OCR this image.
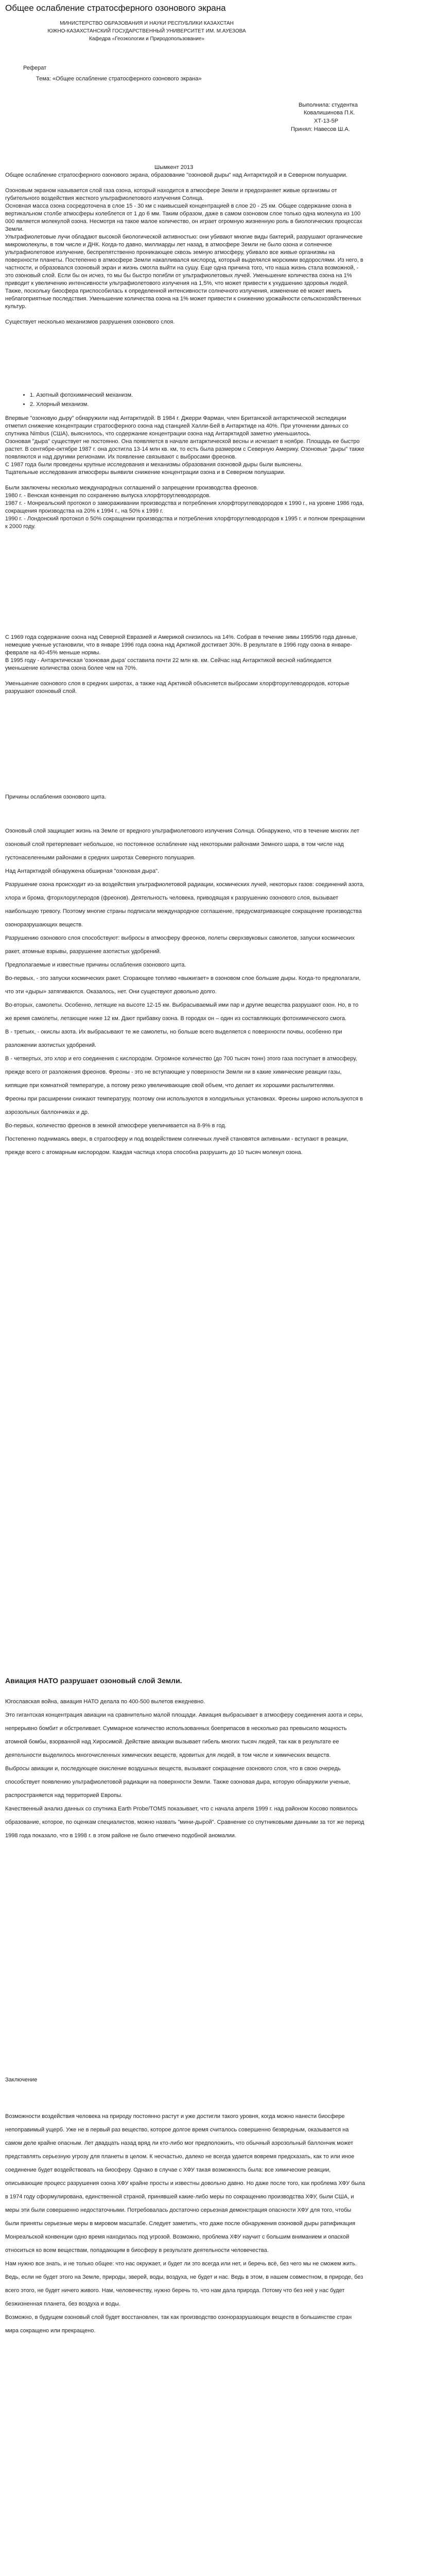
Общее ослабление стратосферного озонового экрана
МИНИСТЕРСТВО ОБРАЗОВАНИЯ И НАУКИ РЕСПУБЛИКИ КАЗАХСТАН
ЮЖНО-КАЗАХСТАНСКИЙ ГОСУДАРСТВЕННЫЙ УНИВЕРСИТЕТ ИМ. М.АУЕЗОВА
Кафедра «Геоэкологии и Природопользование»
Реферат
Тема: «Общее ослабление стратосферного озонового экрана»
Выполнила: студентка
Ковалишинова П.К.
ХТ-13-5Р
Принял: Навесов Ш.А.
Шымкент 2013

Общее ослабление стратосферного озонового экрана, образование "озоновой дыры" над Антарктидой и в Северном полушарии.

Озоновым экраном называется слой газа озона, который находится в атмосфере Земли и предохраняет живые организмы от губительного воздействия жесткого ультрафиолетового излучения Солнца.

Основная масса озона сосредоточена в слое 15 - 30 км с наивысшей концентрацией в слое 20 - 25 км. Общее содержание озона в вертикальном столбе атмосферы колеблется от 1 до 6 мм. Таким образом, даже в самом озоновом слое только одна молекула из 100 000 является молекулой озона. Несмотря на такое малое количество, он играет огромную жизненную роль в биологических процессах Земли.

Ультрафиолетовые лучи обладают высокой биологической активностью: они убивают многие виды бактерий, разрушают органические микромолекулы, в том числе и ДНК. Когда-то давно, миллиарды лет назад, в атмосфере Земли не было озона и солнечное ультрафиолетовое излучение, беспрепятственно проникающее сквозь земную атмосферу, убивало все живые организмы на поверхности планеты. Постепенно в атмосфере Земли накапливался кислород, который выделялся морскими водорослями. Из него, в частности, и образовался озоновый экран и жизнь смогла выйти на сушу. Еще одна причина того, что наша жизнь стала возможной, - это озоновый слой. Если бы он исчез, то мы бы быстро погибли от ультрафиолетовых лучей. Уменьшение количества озона на 1% приводит к увеличению интенсивности ультрафиолетового излучения на 1,5%, что может привести к ухудшению здоровья людей. Также, поскольку биосфера приспособилась к определенной интенсивности солнечного излучения, изменение её может иметь неблагоприятные последствия. Уменьшение количества озона на 1% может привести к снижению урожайности сельскохозяйственных культур.

Существует несколько механизмов разрушения озонового слоя.

• 1. Азотный фотохимический механизм.
• 2. Хлорный механизм.

Впервые "озоновую дыру" обнаружили над Антарктидой. В 1984 г. Джерри Фарман, член Британской антарктической экспедиции отметил снижение концентрации стратосферного озона над станцией Халли-Бей в Антарктиде на 40%. При уточнении данных со спутника Nimbus (США), выяснилось, что содержание концентрации озона над Антарктидой заметно уменьшилось.

Озоновая "дыра" существует не постоянно. Она появляется в начале антарктической весны и исчезает в ноябре. Площадь ее быстро растет. В сентябре-октябре 1987 г. она достигла 13-14 млн кв. км, то есть была размером с Северную Америку. Озоновые "дыры" также появляются и над другими регионами. Их появление связывают с выбросами фреонов.

С 1987 года были проведены крупные исследования и механизмы образования озоновой дыры были выяснены.

Тщательные исследования атмосферы выявили снижение концентрации озона и в Северном полушарии.

Были заключены несколько международных соглашений о запрещении производства фреонов.

1980 г. - Венская конвенция по сохранению выпуска хлорфторуглеводородов.

1987 г. - Монреальский протокол о замораживании производства и потребления хлорфторуглеводородов к 1990 г., на уровне 1986 года, сокращения производства на 20% к 1994 г., на 50% к 1999 г.

1990 г. - Лондонский протокол о 50% сокращении производства и потребления хлорфторуглеводородов к 1995 г. и полном прекращении к 2000 году.

С 1969 года содержание озона над Северной Евразией и Америкой снизилось на 14%. Собрав в течение зимы 1995/96 года данные, немецкие ученые установили, что в январе 1996 года озона над Арктикой достигает 30%. В результате в 1996 году озона в январе-феврале на 40-45% меньше нормы.

В 1995 году - Антарктическая 'озоновая дыра' составила почти 22 млн кв. км. Сейчас над Антарктикой весной наблюдается уменьшение количества озона более чем на 70%.

Уменьшение озонового слоя в средних широтах, а также над Арктикой объясняется выбросами хлорфторуглеводородов, которые разрушают озоновый слой.

Причины ослабления озонового щита.

Озоновый слой защищает жизнь на Земле от вредного ультрафиолетового излучения Солнца. Обнаружено, что в течение многих лет озоновый слой претерпевает небольшое, но постоянное ослабление над некоторыми районами Земного шара, в том числе над густонаселенными районами в средних широтах Северного полушария.

Над Антарктидой обнаружена обширная "озоновая дыра".

Разрушение озона происходит из-за воздействия ультрафиолетовой радиации, космических лучей, некоторых газов: соединений азота, хлора и брома, фторхлоруглеродов (фреонов). Деятельность человека, приводящая к разрушению озонового слоя, вызывает наибольшую тревогу. Поэтому многие страны подписали международное соглашение, предусматривающее сокращение производства озоноразрушающих веществ.

Разрушению озонового слоя способствуют: выбросы в атмосферу фреонов, полеты сверхзвуковых самолетов, запуски космических ракет, атомные взрывы, разрушение азотистых удобрений.

Предполагаемые и известные причины ослабления озонового щита.

Во-первых, - это запуски космических ракет. Сгорающее топливо «выжигает» в озоновом слое большие дыры. Когда-то предполагали, что эти «дыры» затягиваются. Оказалось, нет. Они существуют довольно долго.

Во-вторых, самолеты. Особенно, летящие на высоте 12-15 км. Выбрасываемый ими пар и другие вещества разрушают озон. Но, в то же время самолеты, летающие ниже 12 км. Дают прибавку озона. В городах он – один из составляющих фотохимического смога.

В - третьих, - окислы азота. Их выбрасывают те же самолеты, но больше всего выделяется с поверхности почвы, особенно при разложении азотистых удобрений.

В - четвертых, это хлор и его соединения с кислородом. Огромное количество (до 700 тысяч тонн) этого газа поступает в атмосферу, прежде всего от разложения фреонов. Фреоны - это не вступающие у поверхности Земли ни в какие химические реакции газы, кипящие при комнатной температуре, а потому резко увеличивающие свой объем, что делает их хорошими распылителями.

Фреоны при расширении снижают температуру, поэтому они используются в холодильных установках. Фреоны широко используются в аэрозольных баллончиках и др.

Во-первых, количество фреонов в земной атмосфере увеличивается на 8-9% в год.

Постепенно поднимаясь вверх, в стратосферу и под воздействием солнечных лучей становятся активными - вступают в реакции, прежде всего с атомарным кислородом. Каждая частица хлора способна разрушить до 10 тысяч молекул озона.

Авиация НАТО разрушает озоновый слой Земли.

Югославская война, авиация НАТО делала по 400-500 вылетов ежедневно.

Это гигантская концентрация авиации на сравнительно малой площади. Авиация выбрасывает в атмосферу соединения азота и серы, непрерывно бомбит и обстреливает. Суммарное количество использованных боеприпасов в несколько раз превысило мощность атомной бомбы, взорванной над Хиросимой. Действие авиации вызывает гибель многих тысяч людей, так как в результате ее деятельности выделилось многочисленных химических веществ, ядовитых для людей, в том числе и химических веществ.

Выбросы авиации и, последующее окисление воздушных веществ, вызывают сокращение озонового слоя, что в свою очередь способствует появлению ультрафиолетовой радиации на поверхности Земли. Также озоновая дыра, которую обнаружили ученые, распространяется над территорией Европы.

Качественный анализ данных со спутника Earth Probe/TOMS показывает, что с начала апреля 1999 г. над районом Косово появилось образование, которое, по оценкам специалистов, можно назвать "мини-дырой". Сравнение со спутниковыми данными за тот же период 1998 года показало, что в 1998 г. в этом районе не было отмечено подобной аномалии.

Заключение

Возможности воздействия человека на природу постоянно растут и уже достигли такого уровня, когда можно нанести биосфере непоправимый ущерб. Уже не в первый раз вещество, которое долгое время считалось совершенно безвредным, оказывается на самом деле крайне опасным. Лет двадцать назад вряд ли кто-либо мог предположить, что обычный аэрозольный баллончик может представлять серьезную угрозу для планеты в целом. К несчастью, далеко не всегда удается вовремя предсказать, как то или иное соединение будет воздействовать на биосферу. Однако в случае с ХФУ такая возможность была: все химические реакции, описывающие процесс разрушения озона ХФУ крайне просты и известны довольно давно. Но даже после того, как проблема ХФУ была в 1974 году сформулирована, единственной страной, принявшей какие-либо меры по сокращению производства ХФУ, были США, и меры эти были совершенно недостаточными. Потребовалась достаточно серьезная демонстрация опасности ХФУ для того, чтобы были приняты серьезные меры в мировом масштабе. Следует заметить, что даже после обнаружения озоновой дыры ратификация Монреальской конвенции одно время находилась под угрозой. Возможно, проблема ХФУ научит с большим вниманием и опаской относиться ко всем веществам, попадающим в биосферу в результате деятельности человечества.

Нам нужно все знать, и не только общее: что нас окружает, и будет ли это всегда или нет, и беречь всё, без чего мы не сможем жить. Ведь, если не будет этого на Земле, природы, зверей, воды, воздуха, не будет и нас. Ведь в этом, в нашем совместном, в природе, без всего этого, не будет ничего живого. Нам, человечеству, нужно беречь то, что нам дала природа. Потому что без неё у нас будет безжизненная планета, без воздуха и воды.

Возможно, в будущем озоновый слой будет восстановлен, так как производство озоноразрушающих веществ в большинстве стран мира сокращено или прекращено.
